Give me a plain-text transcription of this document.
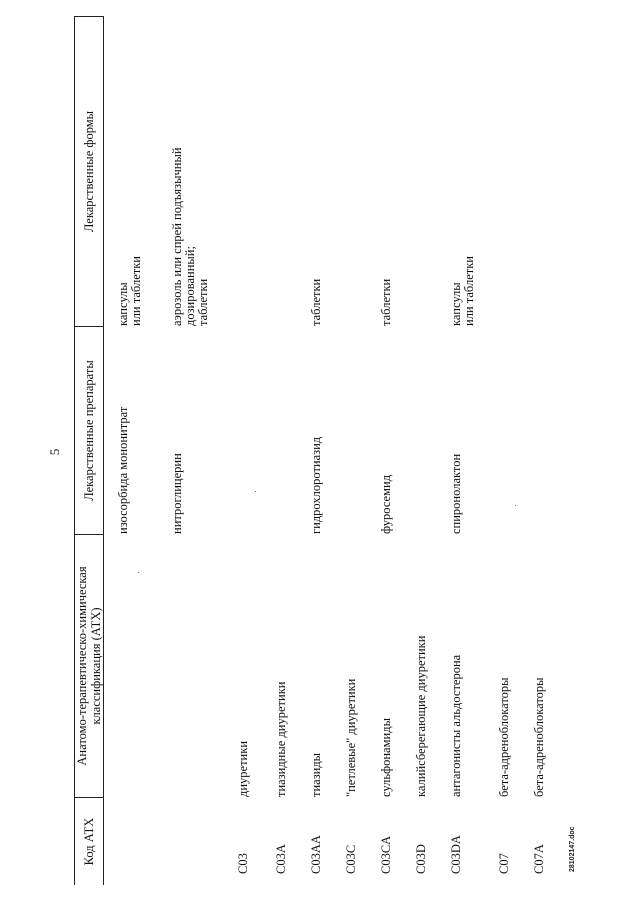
5
Код АТХ
Анатомо-терапевтическо-химическая
классификация (АТХ)
Лекарственные препараты
Лекарственные формы
изосорбида мононитрат
капсулы
или таблетки
нитроглицерин
аэрозоль или спрей подъязычный
дозированный;
таблетки
C03
диуретики
C03A
тиазидные диуретики
C03AA
тиазиды
гидрохлоротиазид
таблетки
C03C
"петлевые" диуретики
C03CA
сульфонамиды
фуросемид
таблетки
C03D
калийсберегающие диуретики
C03DA
антагонисты альдостерона
спиронолактон
капсулы
или таблетки
C07
бета-адреноблокаторы
C07A
бета-адреноблокаторы
28102147.doc
